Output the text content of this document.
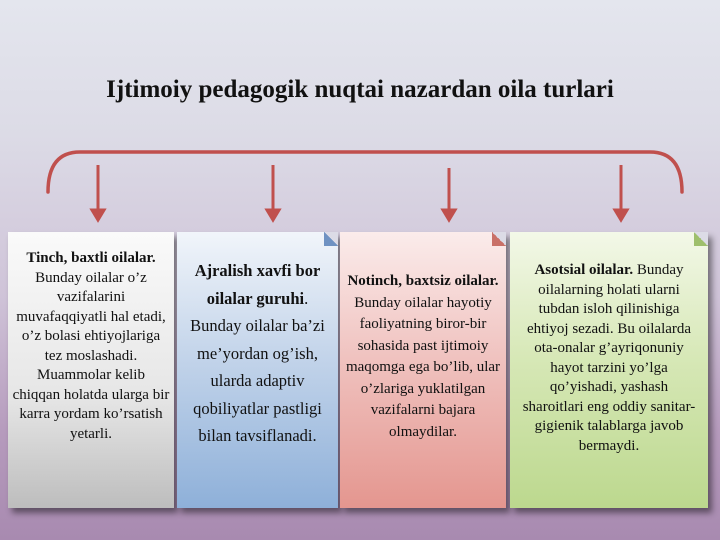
Ijtimoiy pedagogik nuqtai nazardan oila turlari
Tinch, baxtli oilalar. Bunday oilalar o’z vazifalarini muvafaqqiyatli hal etadi, o’z bolasi ehtiyojlariga tez moslashadi. Muammolar kelib chiqqan holatda ularga bir karra yordam ko’rsatish yetarli.
Ajralish xavfi bor oilalar guruhi. Bunday oilalar ba’zi me’yordan og’ish, ularda adaptiv qobiliyatlar pastligi bilan tavsiflanadi.
Notinch, baxtsiz oilalar. Bunday oilalar hayotiy faoliyatning biror-bir sohasida past ijtimoiy maqomga ega bo’lib, ular o’zlariga yuklatilgan vazifalarni bajara olmaydilar.
Asotsial oilalar. Bunday oilalarning holati ularni tubdan isloh qilinishiga ehtiyoj sezadi. Bu oilalarda ota-onalar g’ayriqonuniy hayot tarzini yo’lga qo’yishadi, yashash sharoitlari eng oddiy sanitar-gigienik talablarga javob bermaydi.
